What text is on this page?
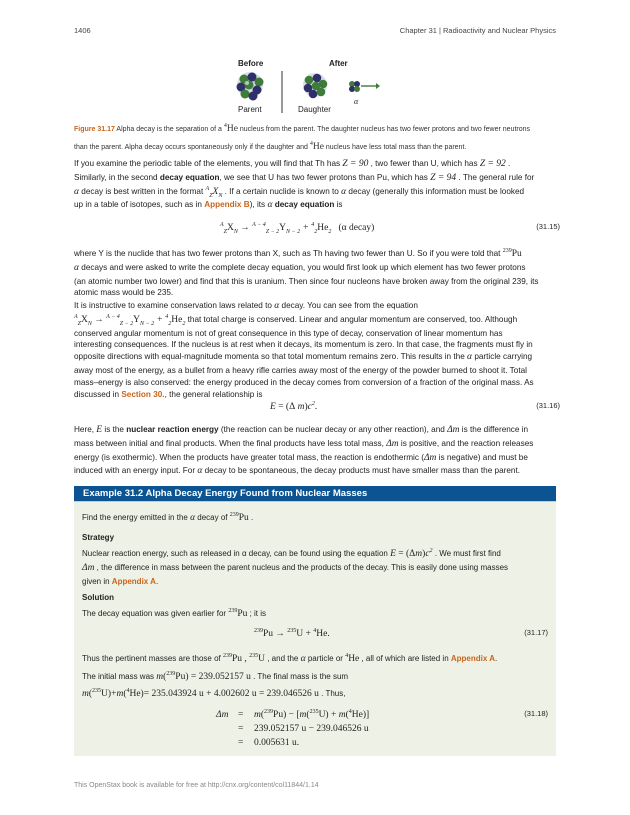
1406	Chapter 31 | Radioactivity and Nuclear Physics
Before	After
Parent	Daughter
α
Figure 31.17 Alpha decay is the separation of a $^4$He nucleus from the parent. The daughter nucleus has two fewer protons and two fewer neutrons
than the parent. Alpha decay occurs spontaneously only if the daughter and $^4$He nucleus have less total mass than the parent.

If you examine the periodic table of the elements, you will find that Th has Z = 90 , two fewer than U, which has Z = 92 .
Similarly, in the second decay equation, we see that U has two fewer protons than Pu, which has Z = 94 . The general rule for
α decay is best written in the format $^A_ZX_N$ . If a certain nuclide is known to α decay (generally this information must be looked
up in a table of isotopes, such as in Appendix B), its α decay equation is

$^A_ZX_N \to ^{A - 4}_{Z - 2}Y_{N - 2} + ^4_2He_2$ (α decay)	(31.15)

where Y is the nuclide that has two fewer protons than X, such as Th having two fewer than U. So if you were told that $^{239}$Pu
α decays and were asked to write the complete decay equation, you would first look up which element has two fewer protons
(an atomic number two lower) and find that this is uranium. Then since four nucleons have broken away from the original 239, its
atomic mass would be 235.

It is instructive to examine conservation laws related to α decay. You can see from the equation
$^A_ZX_N \to ^{A - 4}_{Z - 2}Y_{N - 2} + ^4_2He_2$ that total charge is conserved. Linear and angular momentum are conserved, too. Although
conserved angular momentum is not of great consequence in this type of decay, conservation of linear momentum has
interesting consequences. If the nucleus is at rest when it decays, its momentum is zero. In that case, the fragments must fly in
opposite directions with equal-magnitude momenta so that total momentum remains zero. This results in the α particle carrying
away most of the energy, as a bullet from a heavy rifle carries away most of the energy of the powder burned to shoot it. Total
mass–energy is also conserved: the energy produced in the decay comes from conversion of a fraction of the original mass. As
discussed in Section 30., the general relationship is

E = (Δ $m)c^2$.	(31.16)

Here, E is the nuclear reaction energy (the reaction can be nuclear decay or any other reaction), and Δm is the difference in
mass between initial and final products. When the final products have less total mass, Δm is positive, and the reaction releases
energy (is exothermic). When the products have greater total mass, the reaction is endothermic (Δm is negative) and must be
induced with an energy input. For α decay to be spontaneous, the decay products must have smaller mass than the parent.

Example 31.2 Alpha Decay Energy Found from Nuclear Masses
Find the energy emitted in the α decay of $^{239}$Pu .
Strategy
Nuclear reaction energy, such as released in α decay, can be found using the equation $E = (\Delta m)c^2$ . We must first find
Δm , the difference in mass between the parent nucleus and the products of the decay. This is easily done using masses
given in Appendix A.
Solution
The decay equation was given earlier for $^{239}$Pu ; it is
$^{239}$Pu → $^{235}$U + $^4$He.	(31.17)
Thus the pertinent masses are those of $^{239}$Pu , $^{235}$U , and the α particle or $^4$He , all of which are listed in Appendix A.
The initial mass was m($^{239}$Pu) = 239.052157 u . The final mass is the sum
m($^{235}$U)+m($^4$He)= 235.043924 u + 4.002602 u = 239.046526 u . Thus,
Δm = m($^{239}$Pu) − [m($^{235}$U) + m($^4$He)]
= 239.052157 u − 239.046526 u
= 0.005631 u.
(31.18)
This OpenStax book is available for free at http://cnx.org/content/col11844/1.14
